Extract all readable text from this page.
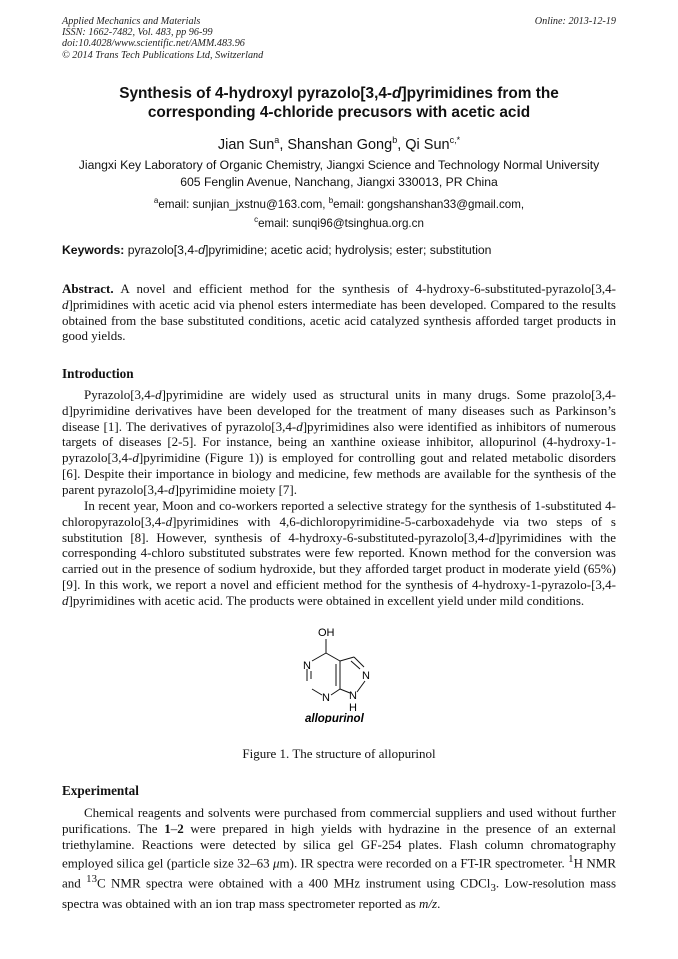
Applied Mechanics and Materials
ISSN: 1662-7482, Vol. 483, pp 96-99
doi:10.4028/www.scientific.net/AMM.483.96
© 2014 Trans Tech Publications Ltd, Switzerland
Online: 2013-12-19
Synthesis of 4-hydroxyl pyrazolo[3,4-d]pyrimidines from the
corresponding 4-chloride precusors with acetic acid
Jian Sun$^a$, Shanshan Gong$^b$, Qi Sun$^{c,*}$
Jiangxi Key Laboratory of Organic Chemistry, Jiangxi Science and Technology Normal University
605 Fenglin Avenue, Nanchang, Jiangxi 330013, PR China
$^a$email: sunjian_jxstnu@163.com, $^b$email: gongshanshan33@gmail.com,
$^c$email: sunqi96@tsinghua.org.cn
Keywords: pyrazolo[3,4-d]pyrimidine; acetic acid; hydrolysis; ester; substitution
Abstract. A novel and efficient method for the synthesis of 4-hydroxy-6-substituted-pyrazolo[3,4-d]primidines with acetic acid via phenol esters intermediate has been developed. Compared to the results obtained from the base substituted conditions, acetic acid catalyzed synthesis afforded target products in good yields.
Introduction
Pyrazolo[3,4-d]pyrimidine are widely used as structural units in many drugs. Some prazolo[3,4-d]pyrimidine derivatives have been developed for the treatment of many diseases such as Parkinson’s disease [1]. The derivatives of pyrazolo[3,4-d]pyrimidines also were identified as inhibitors of numerous targets of diseases [2-5]. For instance, being an xanthine oxiease inhibitor, allopurinol (4-hydroxy-1-pyrazolo[3,4-d]pyrimidine (Figure 1)) is employed for controlling gout and related metabolic disorders [6]. Despite their importance in biology and medicine, few methods are available for the synthesis of the parent pyrazolo[3,4-d]pyrimidine moiety [7].
In recent year, Moon and co-workers reported a selective strategy for the synthesis of 1-substituted 4-chloropyrazolo[3,4-d]pyrimidines with 4,6-dichloropyrimidine-5-carboxadehyde via two steps of s substitution [8]. However, synthesis of 4-hydroxy-6-substituted-pyrazolo[3,4-d]pyrimidines with the corresponding 4-chloro substituted substrates were few reported. Known method for the conversion was carried out in the presence of sodium hydroxide, but they afforded target product in moderate yield (65%) [9]. In this work, we report a novel and efficient method for the synthesis of 4-hydroxy-1-pyrazolo-[3,4-d]pyrimidines with acetic acid. The products were obtained in excellent yield under mild conditions.
OH
N
N
N
N
H
allopurinol
Figure 1. The structure of allopurinol
Experimental
Chemical reagents and solvents were purchased from commercial suppliers and used without further purifications. The 1–2 were prepared in high yields with hydrazine in the presence of an external triethylamine. Reactions were detected by silica gel GF-254 plates. Flash column chromatography employed silica gel (particle size 32–63 μm). IR spectra were recorded on a FT-IR spectrometer. $^1$H NMR and $^{13}$C NMR spectra were obtained with a 400 MHz instrument using CDCl$_3$. Low-resolution mass spectra was obtained with an ion trap mass spectrometer reported as m/z.
